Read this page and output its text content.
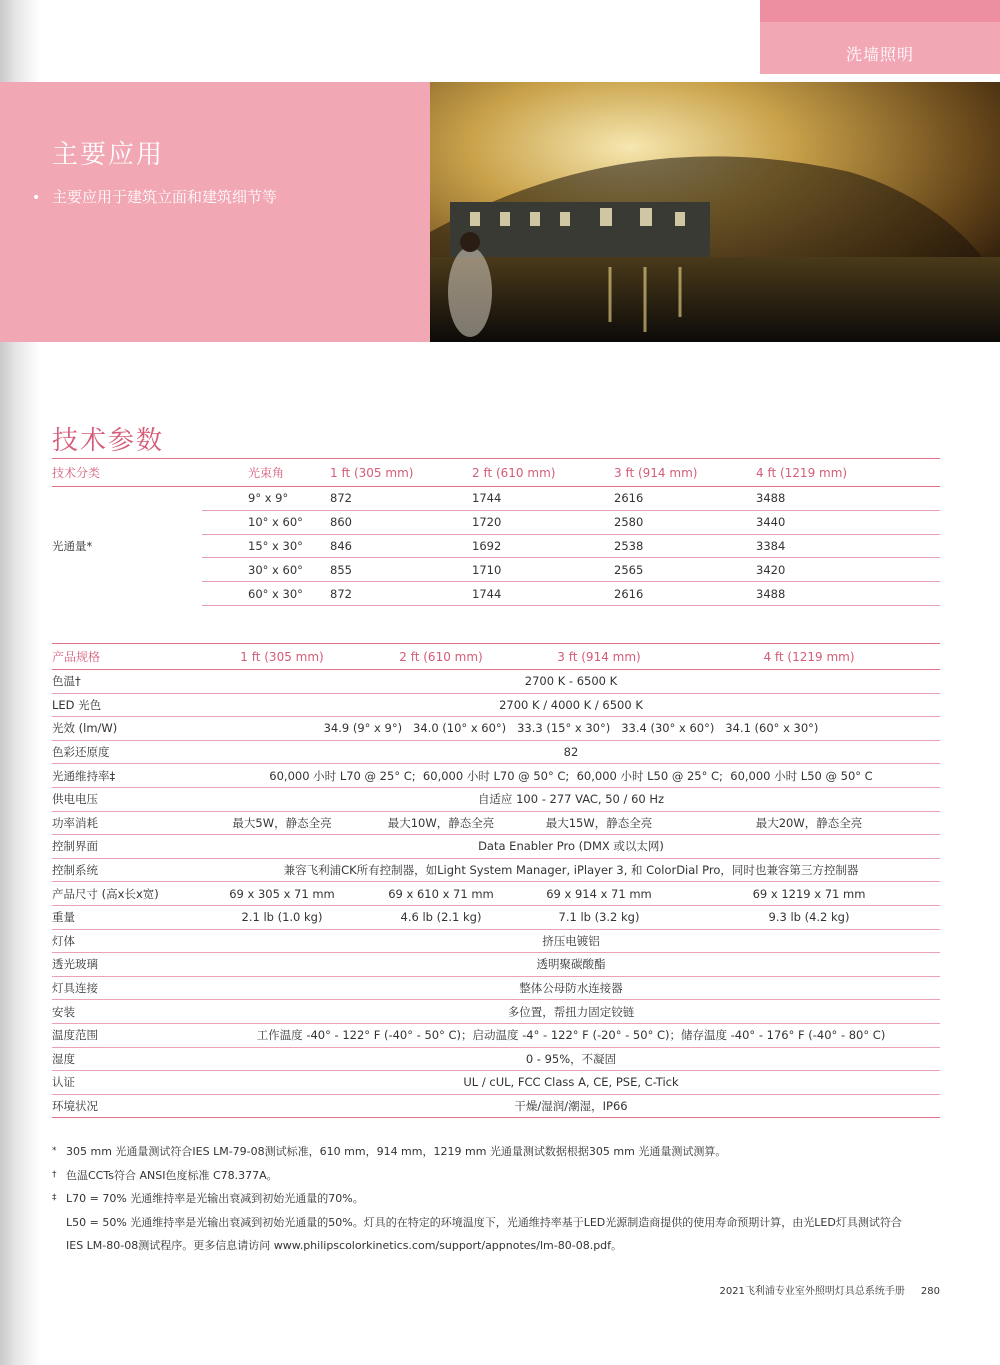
洗墙照明
主要应用
• 主要应用于建筑立面和建筑细节等
技术参数
技术分类	光束角	1 ft (305 mm)	2 ft (610 mm)	3 ft (914 mm)	4 ft (1219 mm)
光通量*	9° x 9°	872	1744	2616	3488
	10° x 60°	860	1720	2580	3440
	15° x 30°	846	1692	2538	3384
	30° x 60°	855	1710	2565	3420
	60° x 30°	872	1744	2616	3488
产品规格	1 ft (305 mm)	2 ft (610 mm)	3 ft (914 mm)	4 ft (1219 mm)
色温†	2700 K - 6500 K			
LED 光色	2700 K / 4000 K / 6500 K			
光效 (lm/W)	34.9 (9° x 9°)   34.0 (10° x 60°)   33.3 (15° x 30°)   33.4 (30° x 60°)   34.1 (60° x 30°)			
色彩还原度	82			
光通维持率‡	60,000 小时 L70 @ 25° C;  60,000 小时 L70 @ 50° C;  60,000 小时 L50 @ 25° C;  60,000 小时 L50 @ 50° C			
供电电压	自适应 100 - 277 VAC, 50 / 60 Hz			
功率消耗	最大5W，静态全亮	最大10W，静态全亮	最大15W，静态全亮	最大20W，静态全亮
控制界面	Data Enabler Pro (DMX 或以太网)			
控制系统	兼容飞利浦CK所有控制器，如Light System Manager, iPlayer 3, 和 ColorDial Pro，同时也兼容第三方控制器			
产品尺寸 (高x长x宽)	69 x 305 x 71 mm	69 x 610 x 71 mm	69 x 914 x 71 mm	69 x 1219 x 71 mm
重量	2.1 lb (1.0 kg)	4.6 lb (2.1 kg)	7.1 lb (3.2 kg)	9.3 lb (4.2 kg)
灯体	挤压电镀铝			
透光玻璃	透明聚碳酸酯			
灯具连接	整体公母防水连接器			
安装	多位置，帮扭力固定铰链			
温度范围	工作温度 -40° - 122° F (-40° - 50° C)；启动温度 -4° - 122° F (-20° - 50° C)；储存温度 -40° - 176° F (-40° - 80° C)			
湿度	0 - 95%，不凝固			
认证	UL / cUL, FCC Class A, CE, PSE, C-Tick			
环境状况	干燥/湿润/潮湿，IP66			
* 305 mm 光通量测试符合IES LM-79-08测试标准，610 mm，914 mm，1219 mm 光通量测试数据根据305 mm 光通量测试测算。
† 色温CCTs符合 ANSI色度标准 C78.377A。
‡ L70 = 70% 光通维持率是光输出衰减到初始光通量的70%。
L50 = 50% 光通维持率是光输出衰减到初始光通量的50%。灯具的在特定的环境温度下，光通维持率基于LED光源制造商提供的使用寿命预期计算，由光LED灯具测试符合
IES LM-80-08测试程序。更多信息请访问 www.philipscolorkinetics.com/support/appnotes/lm-80-08.pdf。
2021飞利浦专业室外照明灯具总系统手册 280
